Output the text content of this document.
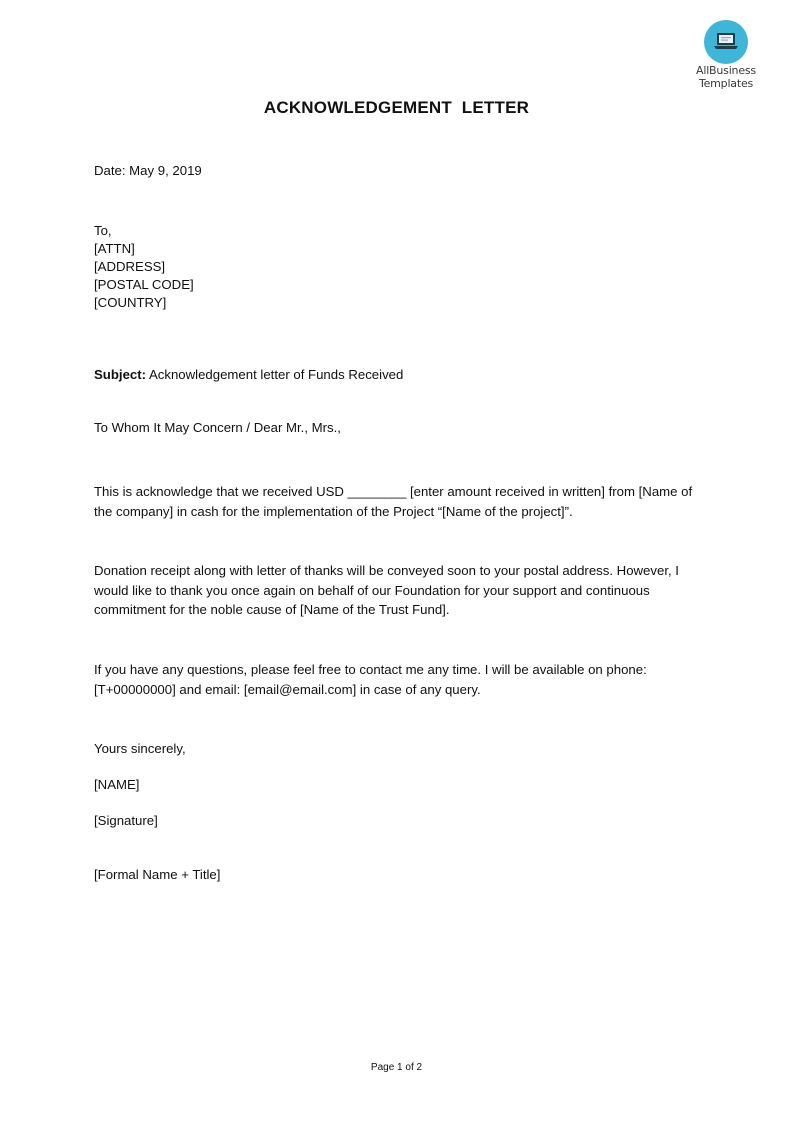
AllBusiness
Templates
ACKNOWLEDGEMENT  LETTER
Date: May 9, 2019
To,
[ATTN]
[ADDRESS]
[POSTAL CODE]
[COUNTRY]
Subject: Acknowledgement letter of Funds Received
To Whom It May Concern / Dear Mr., Mrs.,
This is acknowledge that we received USD ________ [enter amount received in written] from [Name of the company] in cash for the implementation of the Project “[Name of the project]”.
Donation receipt along with letter of thanks will be conveyed soon to your postal address. However, I would like to thank you once again on behalf of our Foundation for your support and continuous commitment for the noble cause of [Name of the Trust Fund].
If you have any questions, please feel free to contact me any time. I will be available on phone: [T+00000000] and email: [email@email.com] in case of any query.
Yours sincerely,
[NAME]
[Signature]
[Formal Name + Title]
Page 1 of 2
